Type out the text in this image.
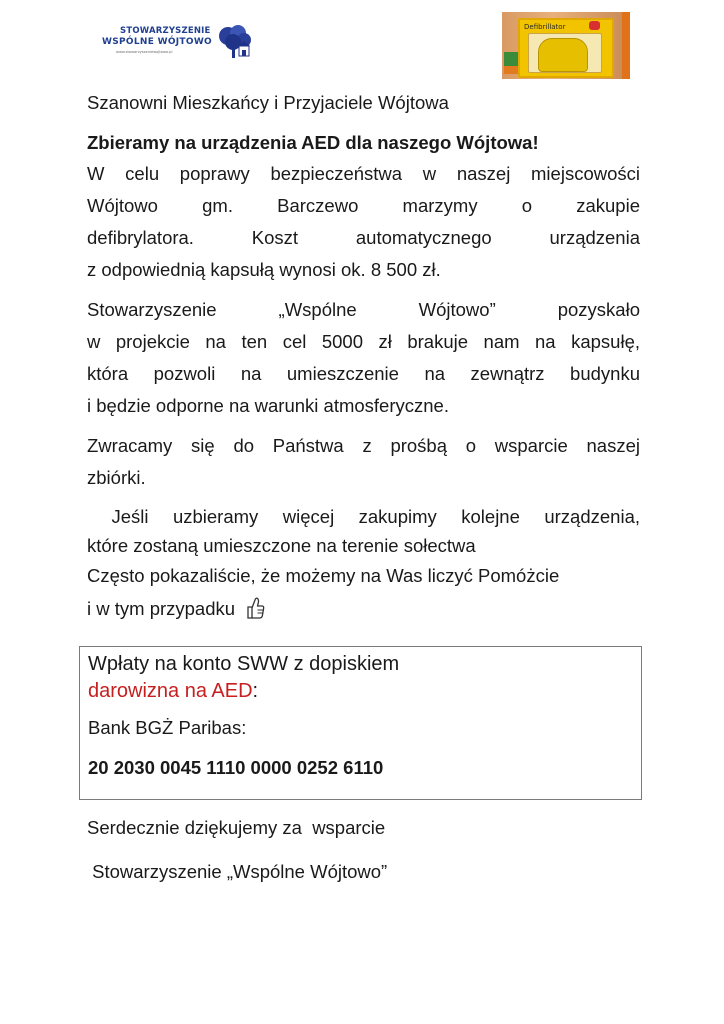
STOWARZYSZENIE
WSPÓLNE WÓJTOWO
www.stowarzyszeniewojtowo.pl
Defibrillator

Szanowni Mieszkańcy i Przyjaciele Wójtowa

Zbieramy na urządzenia AED dla naszego Wójtowa!

W celu poprawy bezpieczeństwa w naszej miejscowości

Wójtowo gm. Barczewo marzymy o zakupie

defibrylatora. Koszt automatycznego urządzenia

z odpowiednią kapsułą wynosi ok. 8 500 zł.

Stowarzyszenie „Wspólne Wójtowo” pozyskało

w projekcie na ten cel 5000 zł brakuje nam na kapsułę,

która pozwoli na umieszczenie na zewnątrz budynku

i będzie odporne na warunki atmosferyczne.

Zwracamy się do Państwa z prośbą o wsparcie naszej

zbiórki.

Jeśli uzbieramy więcej zakupimy kolejne urządzenia,

które zostaną umieszczone na terenie sołectwa

Często pokazaliście, że możemy na Was liczyć Pomóżcie

i w tym przypadku

Wpłaty na konto SWW z dopiskiem
darowizna na AED:
Bank BGŻ Paribas:
20 2030 0045 1110 0000 0252 6110
Serdecznie dziękujemy za  wsparcie
Stowarzyszenie „Wspólne Wójtowo”
